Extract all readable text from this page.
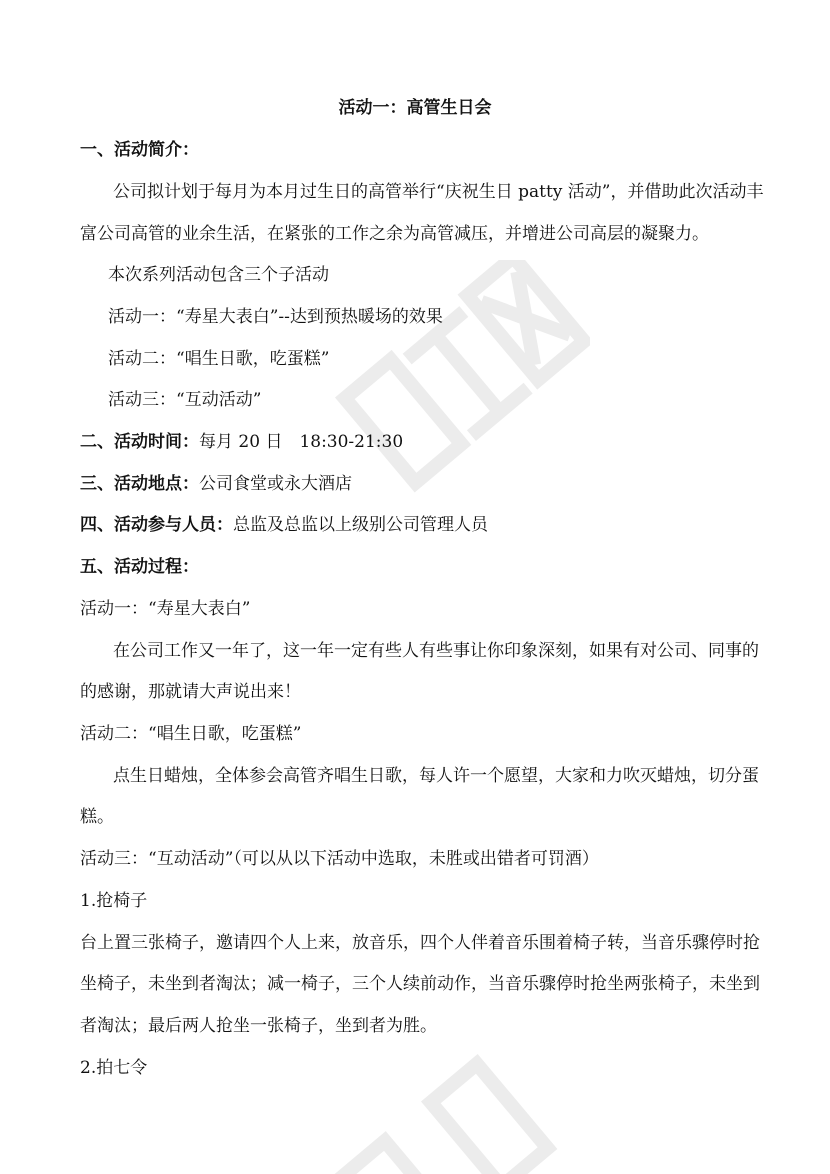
活动一：高管生日会
一、活动简介：
公司拟计划于每月为本月过生日的高管举行“庆祝生日 patty 活动”，并借助此次活动丰
富公司高管的业余生活，在紧张的工作之余为高管减压，并增进公司高层的凝聚力。
本次系列活动包含三个子活动
活动一：“寿星大表白”--达到预热暖场的效果
活动二：“唱生日歌，吃蛋糕”
活动三：“互动活动”
二、活动时间：每月 20 日　18:30-21:30
三、活动地点：公司食堂或永大酒店
四、活动参与人员：总监及总监以上级别公司管理人员
五、活动过程：
活动一：“寿星大表白”
在公司工作又一年了，这一年一定有些人有些事让你印象深刻，如果有对公司、同事的
的感谢，那就请大声说出来！
活动二：“唱生日歌，吃蛋糕”
点生日蜡烛，全体参会高管齐唱生日歌，每人许一个愿望，大家和力吹灭蜡烛，切分蛋
糕。
活动三：“互动活动”（可以从以下活动中选取，未胜或出错者可罚酒）
1.抢椅子
台上置三张椅子，邀请四个人上来，放音乐，四个人伴着音乐围着椅子转，当音乐骤停时抢
坐椅子，未坐到者淘汰；减一椅子，三个人续前动作，当音乐骤停时抢坐两张椅子，未坐到
者淘汰；最后两人抢坐一张椅子，坐到者为胜。
2.拍七令
